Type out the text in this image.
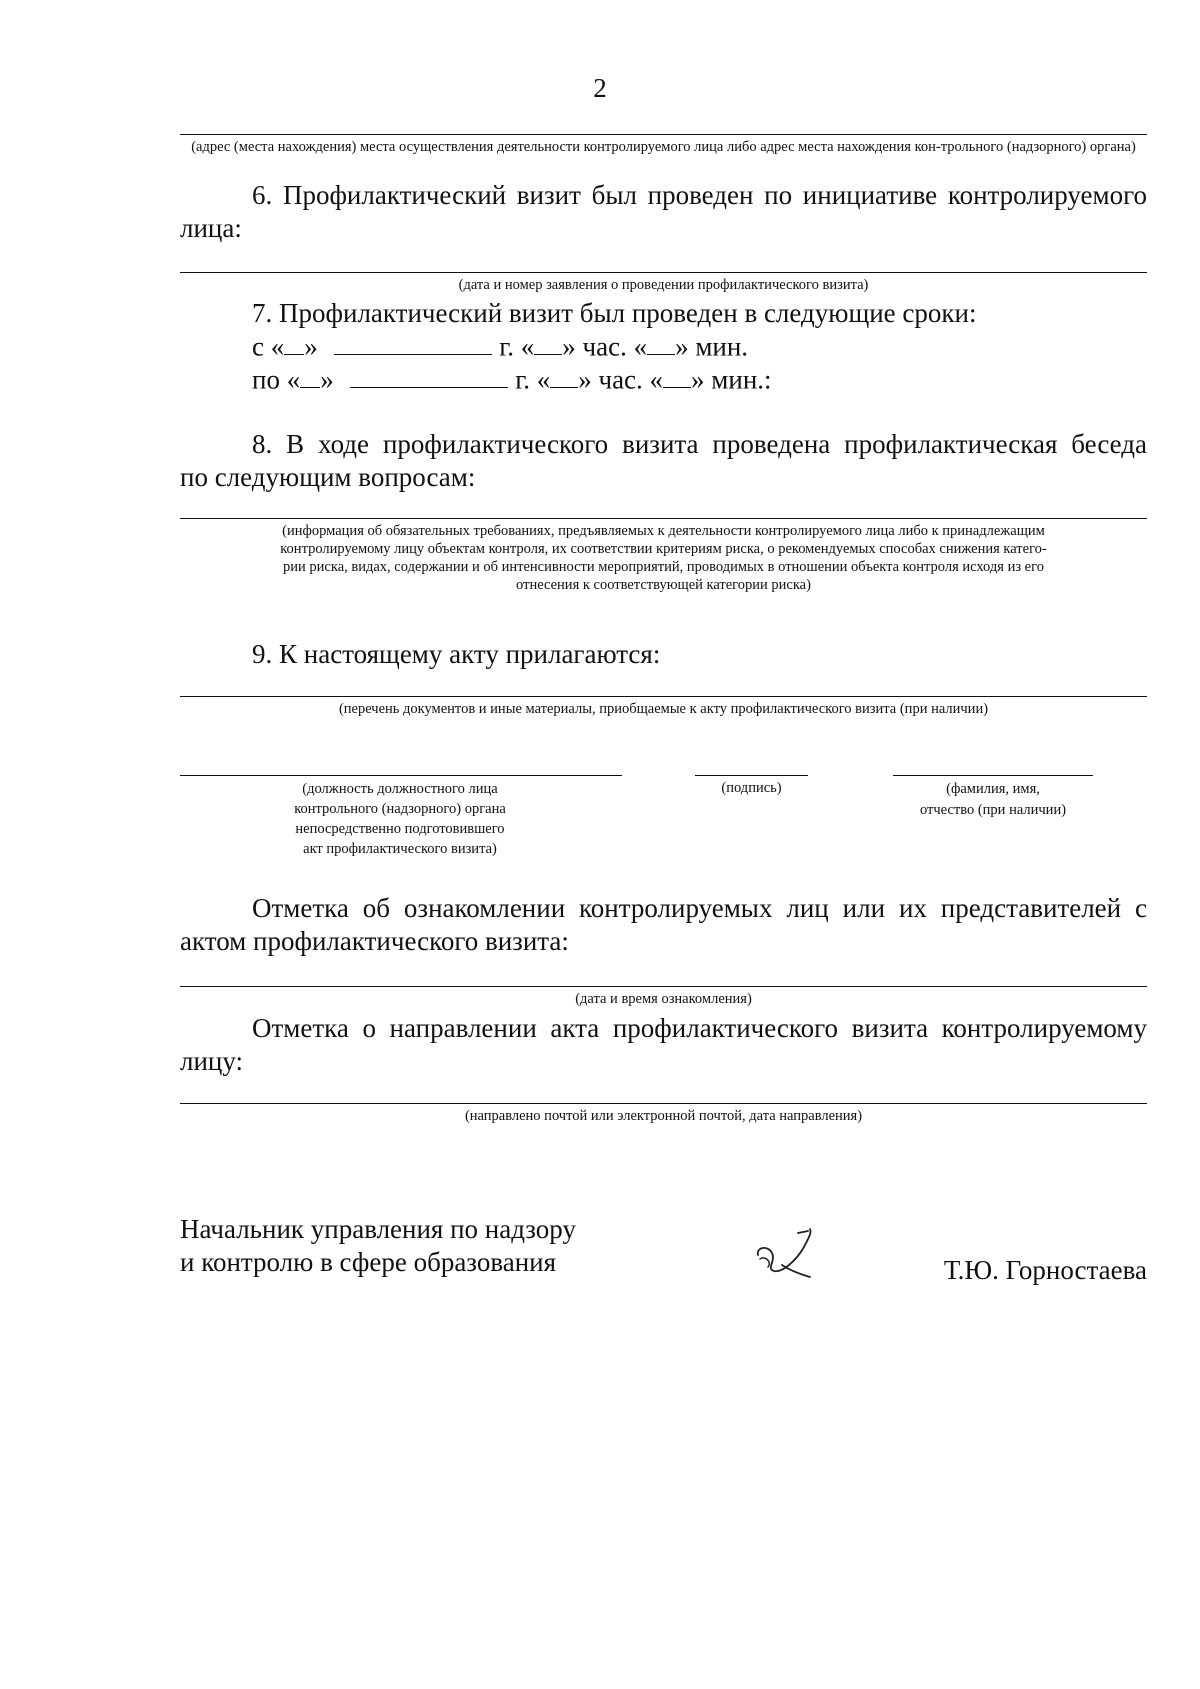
2
(адрес (места нахождения) места осуществления деятельности контролируемого лица либо адрес места нахождения кон-трольного (надзорного) органа)
6. Профилактический визит был проведен по инициативе контролируемого
лица:
(дата и номер заявления о проведении профилактического визита)
7. Профилактический визит был проведен в следующие сроки:
с « »	г. « » час. « » мин.
по « »	г. « » час. « » мин.:
8. В ходе профилактического визита проведена профилактическая беседа
по следующим вопросам:
(информация об обязательных требованиях, предъявляемых к деятельности контролируемого лица либо к принадлежащим
контролируемому лицу объектам контроля, их соответствии критериям риска, о рекомендуемых способах снижения катего-
рии риска, видах, содержании и об интенсивности мероприятий, проводимых в отношении объекта контроля исходя из его
отнесения к соответствующей категории риска)
9. К настоящему акту прилагаются:
(перечень документов и иные материалы, приобщаемые к акту профилактического визита (при наличии)
(должность должностного лица
контрольного (надзорного) органа
непосредственно подготовившего
акт профилактического визита)
(подпись)	(фамилия, имя,
отчество (при наличии)
Отметка об ознакомлении контролируемых лиц или их представителей с
актом профилактического визита:
(дата и время ознакомления)
Отметка о направлении акта профилактического визита контролируемому
лицу:
(направлено почтой или электронной почтой, дата направления)
Начальник управления по надзору
и контролю в сфере образования	Т.Ю. Горностаева
